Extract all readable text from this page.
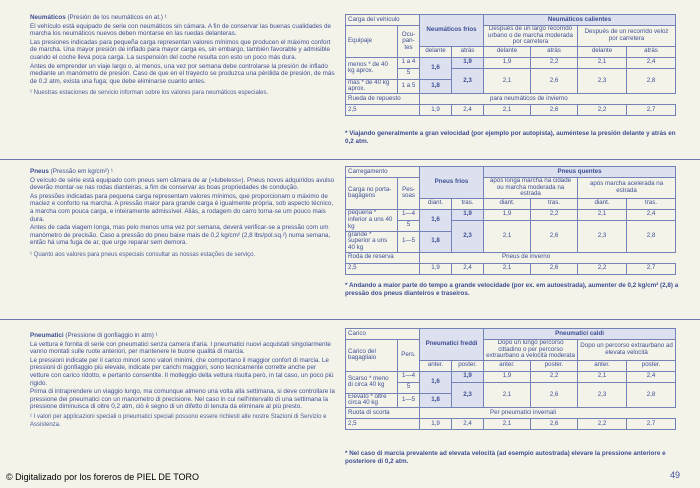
Neumáticos (Presión de los neumáticos en at.) ¹

El vehículo está equipado de serie con neumáticos sin cámara. A fin de conservar las buenas cualidades de marcha los neumáticos nuevos deben montarse en las ruedas delanteras.

Las presiones indicadas para pequeña carga representan valores mínimos que producen el máximo confort de marcha. Una mayor presión de inflado para mayor carga es, sin embargo, también favorable y admisible cuando el coche lleva poca carga. La suspensión del coche resulta con esto un poco más dura.

Antes de emprender un viaje largo o, al menos, una vez por semana debe controlarse la presión de inflado mediante un manómetro de presión. Caso de que en el trayecto se produzca una pérdida de presión, de más de 0,2 atm, exista una fuga; que debe eliminarse cuanto antes.

¹ Nuestras estaciones de servicio informan sobre los valores para neumáticos especiales.

Carga del vehículo		Neumáticos fríos		Neumáticos calientes			
Equipaje	Ocu-pan-tes			Después de un largo recorrido urbano o de marcha moderada por carretera		Después de un recorrido veloz por carretera	

		delante	atrás	delante	atrás	delante	atrás
menos * de 40 kg aprox.	1 a 4	1,6	1,9	1,9	2,2	2,1	2,4
	5		2,3	2,1	2,6	2,3	2,8
más * de 40 kg aprox.	1 a 5	1,8					
Rueda de repuesto		para neumáticos de invierno					
2,5		1,9	2,4	2,1	2,6	2,2	2,7
* Viajando generalmente a gran velocidad (por ejemplo por autopista), auméntese la presión delante y atrás en 0,2 atm.

Pneus (Pressão em kg/cm²) ¹

O veículo de série está equipado com pneus sem câmara de ar (»tubeless«). Pneus novos adquiridos avulso deverão montar-se nas rodas dianteiras, a fim de conservar as boas propriedades de condução.

As pressões indicadas para pequena carga representam valores mínimos, que proporcionam o máximo de maciez e conforto na marcha. A pressão maior para grande carga é igualmente própria, sob aspecto técnico, a marcha com pouca carga, e inteiramente admissível. Aliás, a rodagem do carro torna-se um pouco mais dura.

Antes de cada viagem longa, mas pelo menos uma vez por semana, deverá verificar-se a pressão com um manómetro de precisão. Caso a pressão do pneu baixe mais de 0,2 kg/cm² (2,8 lbs/pol.sq.²) numa semana, então há uma fuga de ar, que urge reparar sem demora.

¹ Quanto aos valores para pneus especiais consultar as nossas estações de serviço.

Carregamento		Pneus frios		Pneus quentes			
Carga no porta-bagagens	Pes-soas			após longa marcha na cidade ou marcha moderada na estrada		após marcha acelerada na estrada	

		diant.	tras.	diant.	tras.	diant.	tras.
pequena * inferior a uns 40 kg	1—4	1,6	1,9	1,9	2,2	2,1	2,4
	5		2,3	2,1	2,6	2,3	2,8
grande * superior a uns 40 kg	1—5	1,8					
Roda de reserva		Pneus de inverno					
2,5		1,9	2,4	2,1	2,6	2,2	2,7
* Andando a maior parte do tempo a grande velocidade (por ex. em autoestrada), aumenter de 0,2 kg/cm² (2,8) a pressão dos pneus dianteiros e traseiros.

Pneumatici (Pressione di gonfiaggio in atm) ¹

La vettura è fornita di serie con pneumatici senza camera d'aria. I pneumatici nuovi acquistati singolarmente vanno montati sulle ruote anteriori, per mantenere le buone qualità di marcia.

Le pressioni indicate per il carico minori sono valori minimi, che comportano il maggior confort di marcia. Le pressioni di gonfiaggio più elevate, indicate per carichi maggiori, sono tecnicamente corrette anche per vetture con carico ridotto, e pertanto consentite. Il molleggio della vettura risulta però, in tal caso, un poco più rigido.

Prima di intraprendere un viaggio lungo, ma comunque almeno una volta alla settimana, si deve controllare la pressione dei pneumatici con un manometro di precisione. Nel caso in cui nell'intervallo di una settimana la pressione diminuisca di oltre 0,2 atm, ciò è segno di un difetto di tenuta da eliminare al più presto.

¹ I valori per applicazioni speciali o pneumatici speciali possono essere richiesti alle nostre Stazioni di Servizio e Assistenza.

Carico		Pneumatici freddi		Pneumatici caldi			
Carico del bagagliaio	Pers.			Dopo un lungo percorso cittadino o per percorso extraurbano a velocità moderata		Dopo un percorso extraurbano ad elevata velocità	

		anter.	poster.	anter.	poster.	anter.	poster.
Scarso * meno di circa 40 kg	1—4	1,6	1,9	1,9	2,2	2,1	2,4
	5		2,3	2,1	2,6	2,3	2,8
Elevato * oltre circa 40 kg	1—5	1,8					
Ruota di scorta		Per pneumatici invernali					
2,5		1,9	2,4	2,1	2,6	2,2	2,7
* Nel caso di marcia prevalente ad elevata velocità (ad esempio autostrada) elevare la pressione anteriore e posteriore di 0,2 atm.
© Digitalizado por los foreros de PIEL DE TORO	49
